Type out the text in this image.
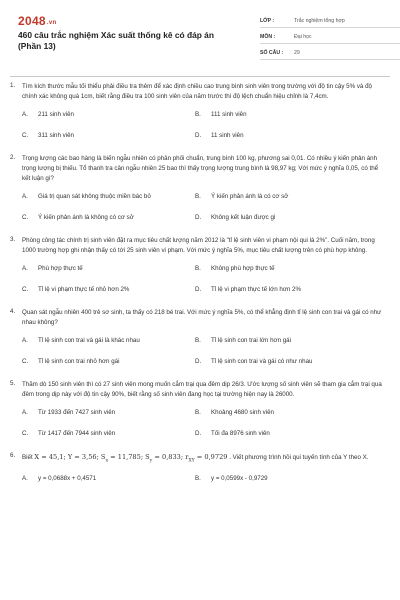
2048.vn
460 câu trắc nghiệm Xác suất thống kê có đáp án (Phần 13)
LỚP :	Trắc nghiệm tổng hợp
MÔN :	Đại học
SỐ CÂU :	29
1. Tìm kích thước mẫu tối thiểu phải điều tra thêm để xác định chiều cao trung bình sinh viên trong trường với độ tin cậy 5% và độ chính xác không quá 1cm, biết rằng điều tra 100 sinh viên của năm trước thì độ lệch chuẩn hiệu chỉnh là 7,4cm.
A.	211 sinh viên	B.	111 sinh viên
C.	311 sinh viên	D.	11 sinh viên
2. Trọng lượng các bao hàng là biến ngẫu nhiên có phân phối chuẩn, trung bình 100 kg, phương sai 0,01. Có nhiều ý kiến phản ánh trọng lượng bị thiếu. Tổ thanh tra cân ngẫu nhiên 25 bao thì thấy trọng lượng trung bình là 98,97 kg; Với mức ý nghĩa 0,05, có thể kết luận gì?
A.	Giá trị quan sát không thuộc miền bác bỏ	B.	Ý kiến phản ánh là có cơ sở
C.	Ý kiến phản ánh là không có cơ sở	D.	Không kết luận được gì
3. Phòng công tác chính trị sinh viên đặt ra mục tiêu chất lượng năm 2012 là "tỉ lệ sinh viên vi phạm nội qui là 2%". Cuối năm, trong 1000 trường hợp ghi nhận thấy có tới 25 sinh viên vi phạm. Với mức ý nghĩa 5%, mục tiêu chất lượng trên có phù hợp không.
A.	Phù hợp thực tế	B.	Không phù hợp thực tế
C.	Tỉ lệ vi phạm thực tế nhỏ hơn 2%	D.	Tỉ lệ vi phạm thực tế lớn hơn 2%
4. Quan sát ngẫu nhiên 400 trẻ sơ sinh, ta thấy có 218 bé trai. Với mức ý nghĩa 5%, có thể khẳng định tỉ lệ sinh con trai và gái có như nhau không?
A.	Tỉ lệ sinh con trai và gái là khác nhau	B.	Tỉ lệ sinh con trai lớn hơn gái
C.	Tỉ lệ sinh con trai nhỏ hơn gái	D.	Tỉ lệ sinh con trai và gái có như nhau
5. Thăm dò 150 sinh viên thì có 27 sinh viên mong muốn cắm trại qua đêm dịp 26/3. Ước lượng số sinh viên sẽ tham gia cắm trại qua đêm trong dịp này với độ tin cậy 90%, biết rằng số sinh viên đang học tại trường hiện nay là 26000.
A.	Từ 1933 đến 7427 sinh viên	B.	Khoảng 4680 sinh viên
C.	Từ 1417 đến 7944 sinh viên	D.	Tối đa 8976 sinh viên
6. Biết X = 45,1; Y = 3,56; $S_x = 11,785$; $S_y = 0,833$; $r_{XY} = 0,9729$ . Viết phương trình hồi qui tuyến tính của Y theo X.
A.	y = 0,0688x + 0,4571	B.	y = 0,0599x - 0,9729
